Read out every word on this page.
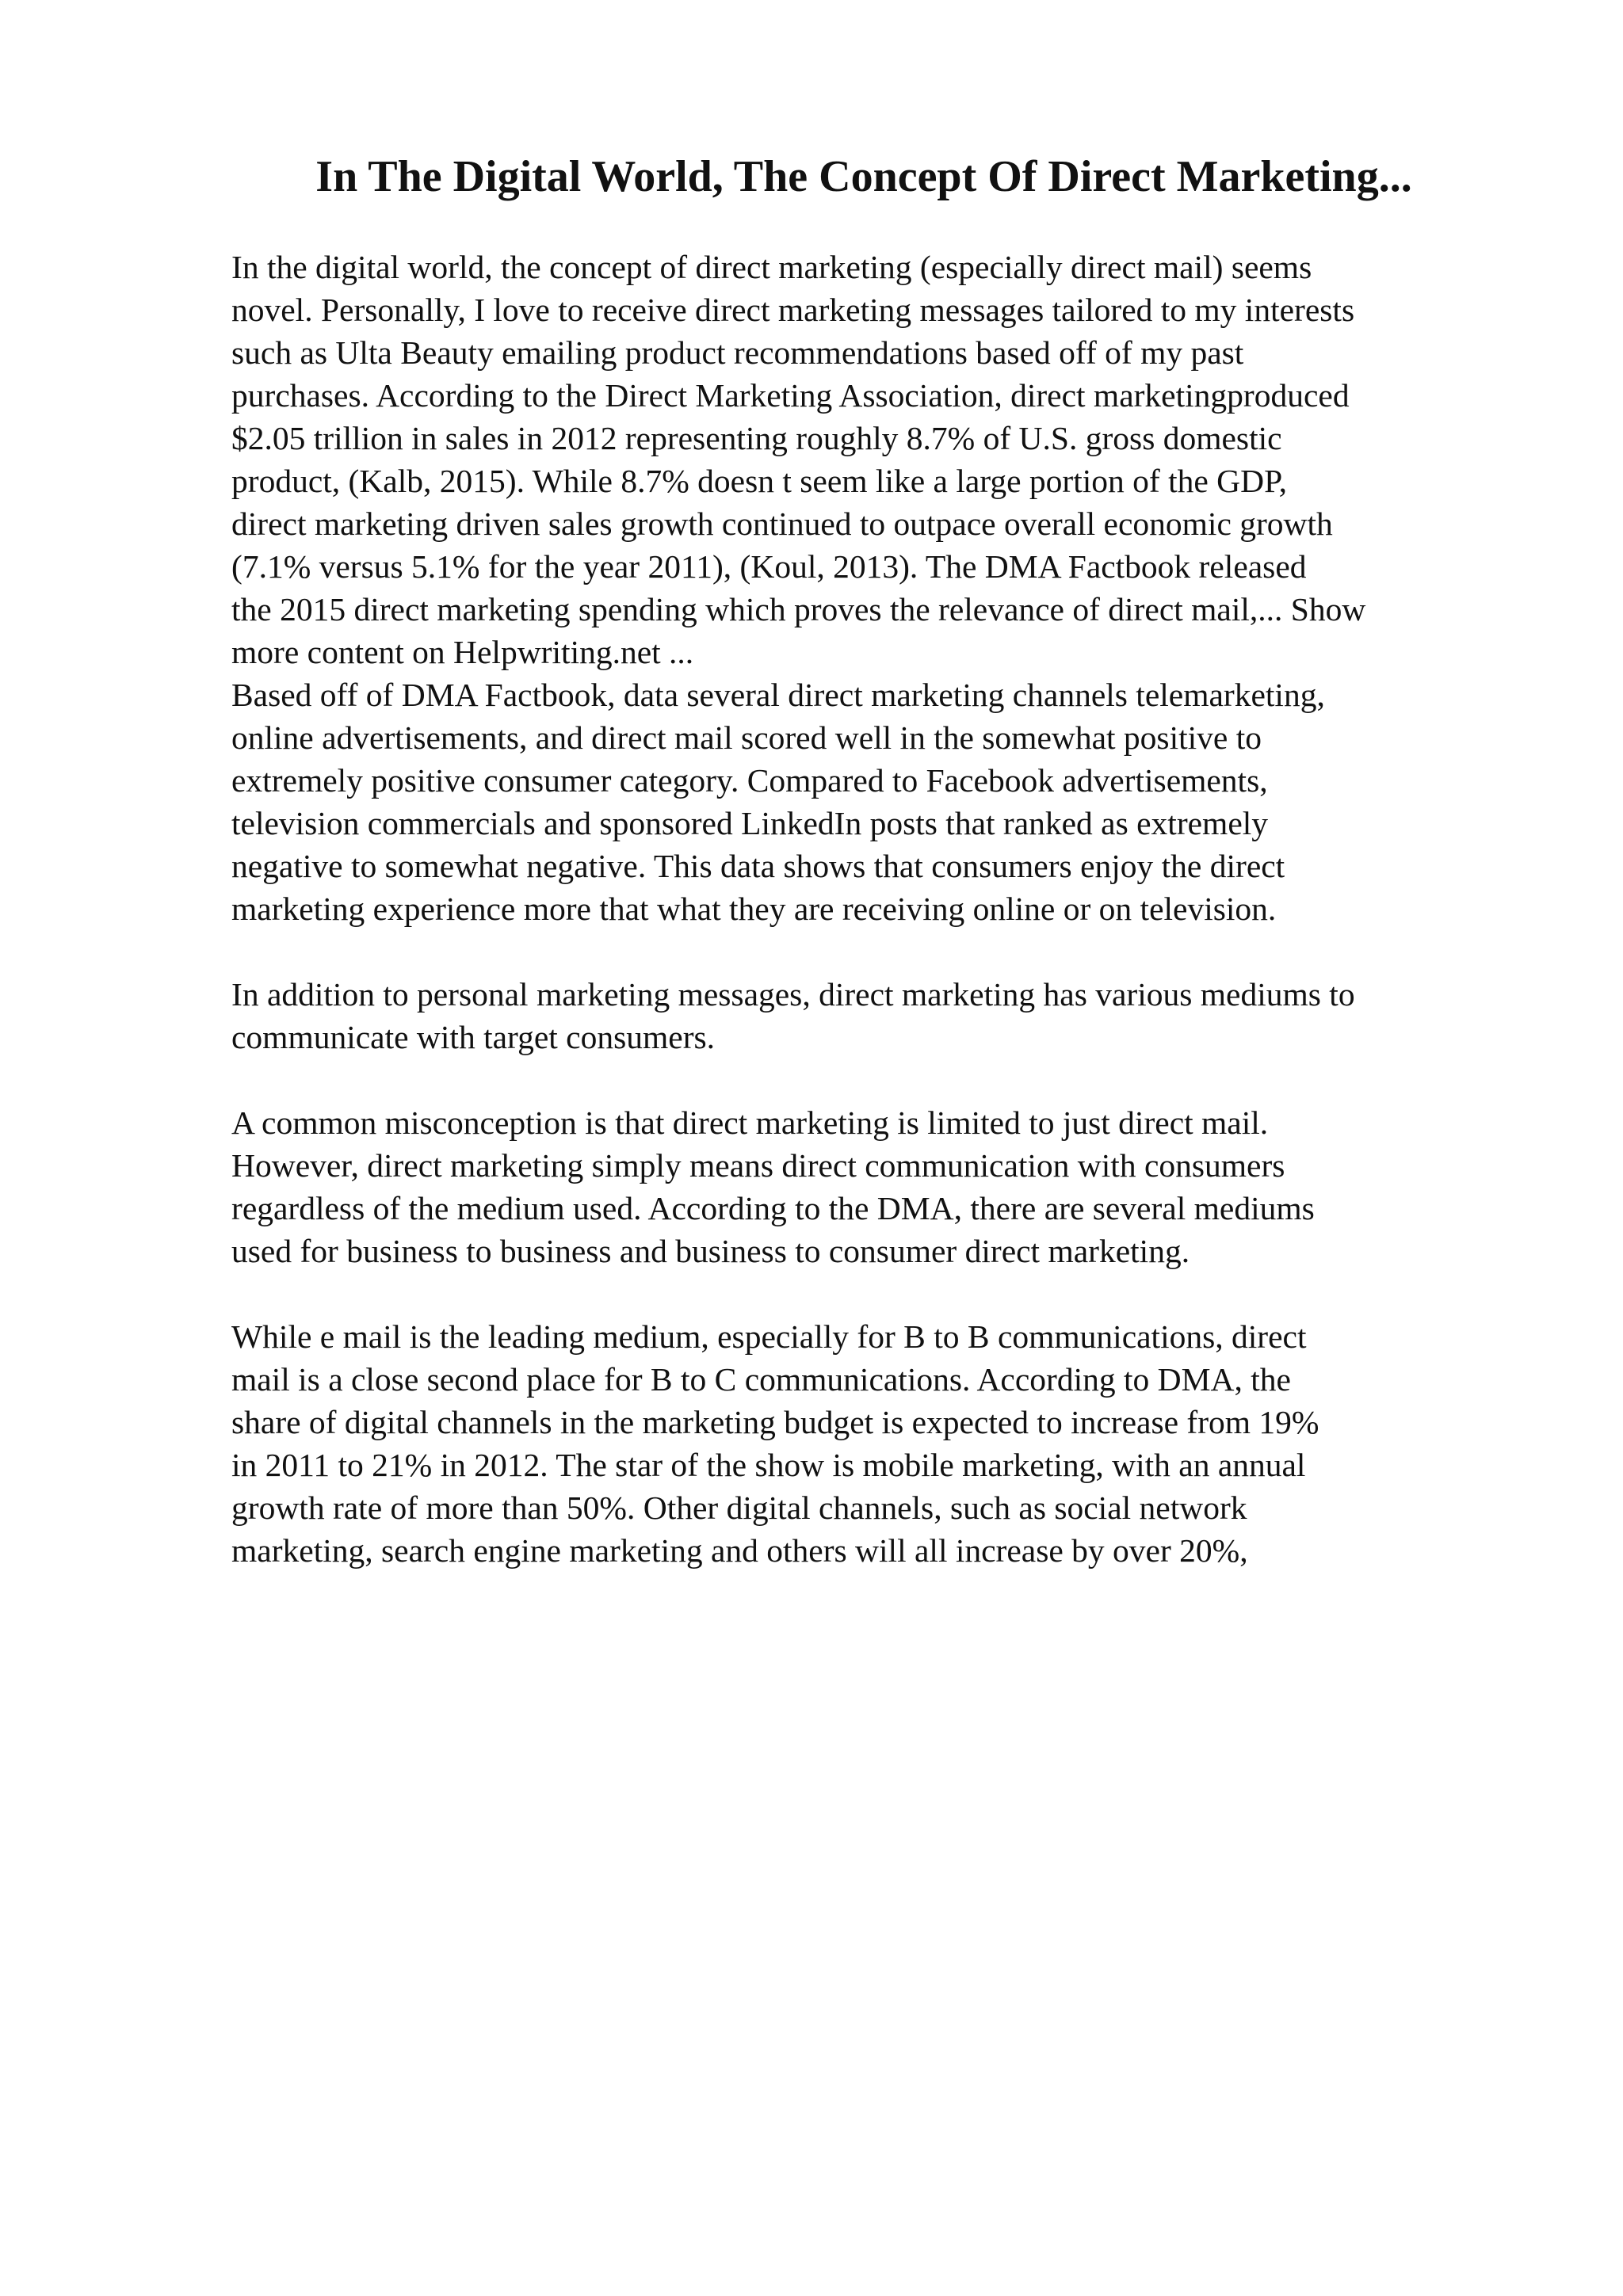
In The Digital World, The Concept Of Direct Marketing...
In the digital world, the concept of direct marketing (especially direct mail) seems
novel. Personally, I love to receive direct marketing messages tailored to my interests
such as Ulta Beauty emailing product recommendations based off of my past
purchases. According to the Direct Marketing Association, direct marketingproduced
$2.05 trillion in sales in 2012 representing roughly 8.7% of U.S. gross domestic
product, (Kalb, 2015). While 8.7% doesn t seem like a large portion of the GDP,
direct marketing driven sales growth continued to outpace overall economic growth
(7.1% versus 5.1% for the year 2011), (Koul, 2013). The DMA Factbook released
the 2015 direct marketing spending which proves the relevance of direct mail,... Show
more content on Helpwriting.net ...
Based off of DMA Factbook, data several direct marketing channels telemarketing,
online advertisements, and direct mail scored well in the somewhat positive to
extremely positive consumer category. Compared to Facebook advertisements,
television commercials and sponsored LinkedIn posts that ranked as extremely
negative to somewhat negative. This data shows that consumers enjoy the direct
marketing experience more that what they are receiving online or on television.
In addition to personal marketing messages, direct marketing has various mediums to
communicate with target consumers.
A common misconception is that direct marketing is limited to just direct mail.
However, direct marketing simply means direct communication with consumers
regardless of the medium used. According to the DMA, there are several mediums
used for business to business and business to consumer direct marketing.
While e mail is the leading medium, especially for B to B communications, direct
mail is a close second place for B to C communications. According to DMA, the
share of digital channels in the marketing budget is expected to increase from 19%
in 2011 to 21% in 2012. The star of the show is mobile marketing, with an annual
growth rate of more than 50%. Other digital channels, such as social network
marketing, search engine marketing and others will all increase by over 20%,
